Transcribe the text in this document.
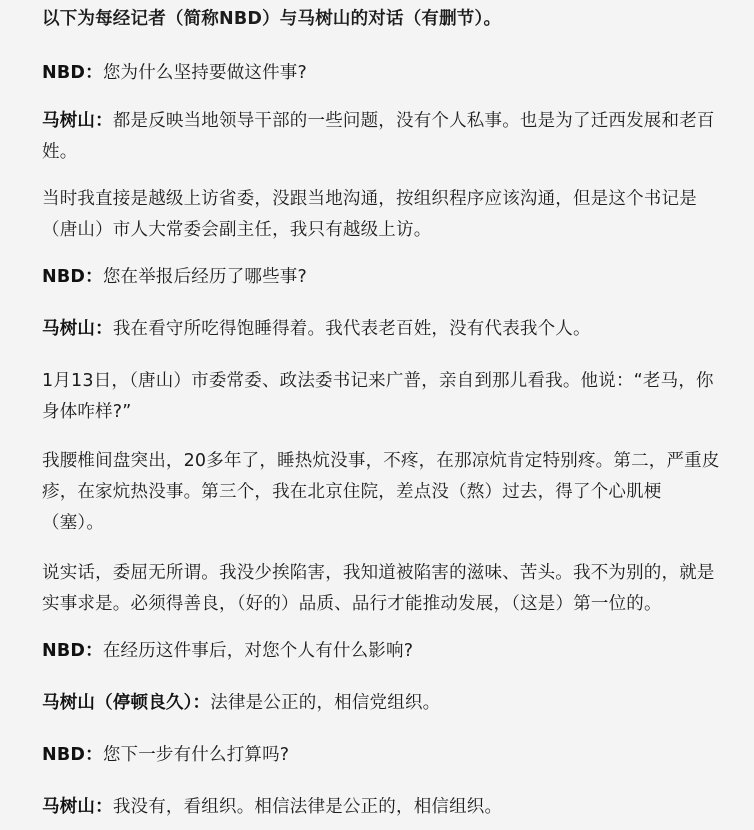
以下为每经记者（简称NBD）与马树山的对话（有删节）。

NBD：您为什么坚持要做这件事?

马树山：都是反映当地领导干部的一些问题，没有个人私事。也是为了迁西发展和老百姓。

当时我直接是越级上访省委，没跟当地沟通，按组织程序应该沟通，但是这个书记是（唐山）市人大常委会副主任，我只有越级上访。

NBD：您在举报后经历了哪些事?

马树山：我在看守所吃得饱睡得着。我代表老百姓，没有代表我个人。

1月13日，（唐山）市委常委、政法委书记来广普，亲自到那儿看我。他说：“老马，你身体咋样?”

我腰椎间盘突出，20多年了，睡热炕没事，不疼，在那凉炕肯定特别疼。第二，严重皮疹，在家炕热没事。第三个，我在北京住院，差点没（熬）过去，得了个心肌梗（塞）。

说实话，委屈无所谓。我没少挨陷害，我知道被陷害的滋味、苦头。我不为别的，就是实事求是。必须得善良，（好的）品质、品行才能推动发展，（这是）第一位的。

NBD：在经历这件事后，对您个人有什么影响?

马树山（停顿良久）：法律是公正的，相信党组织。

NBD：您下一步有什么打算吗?

马树山：我没有，看组织。相信法律是公正的，相信组织。
